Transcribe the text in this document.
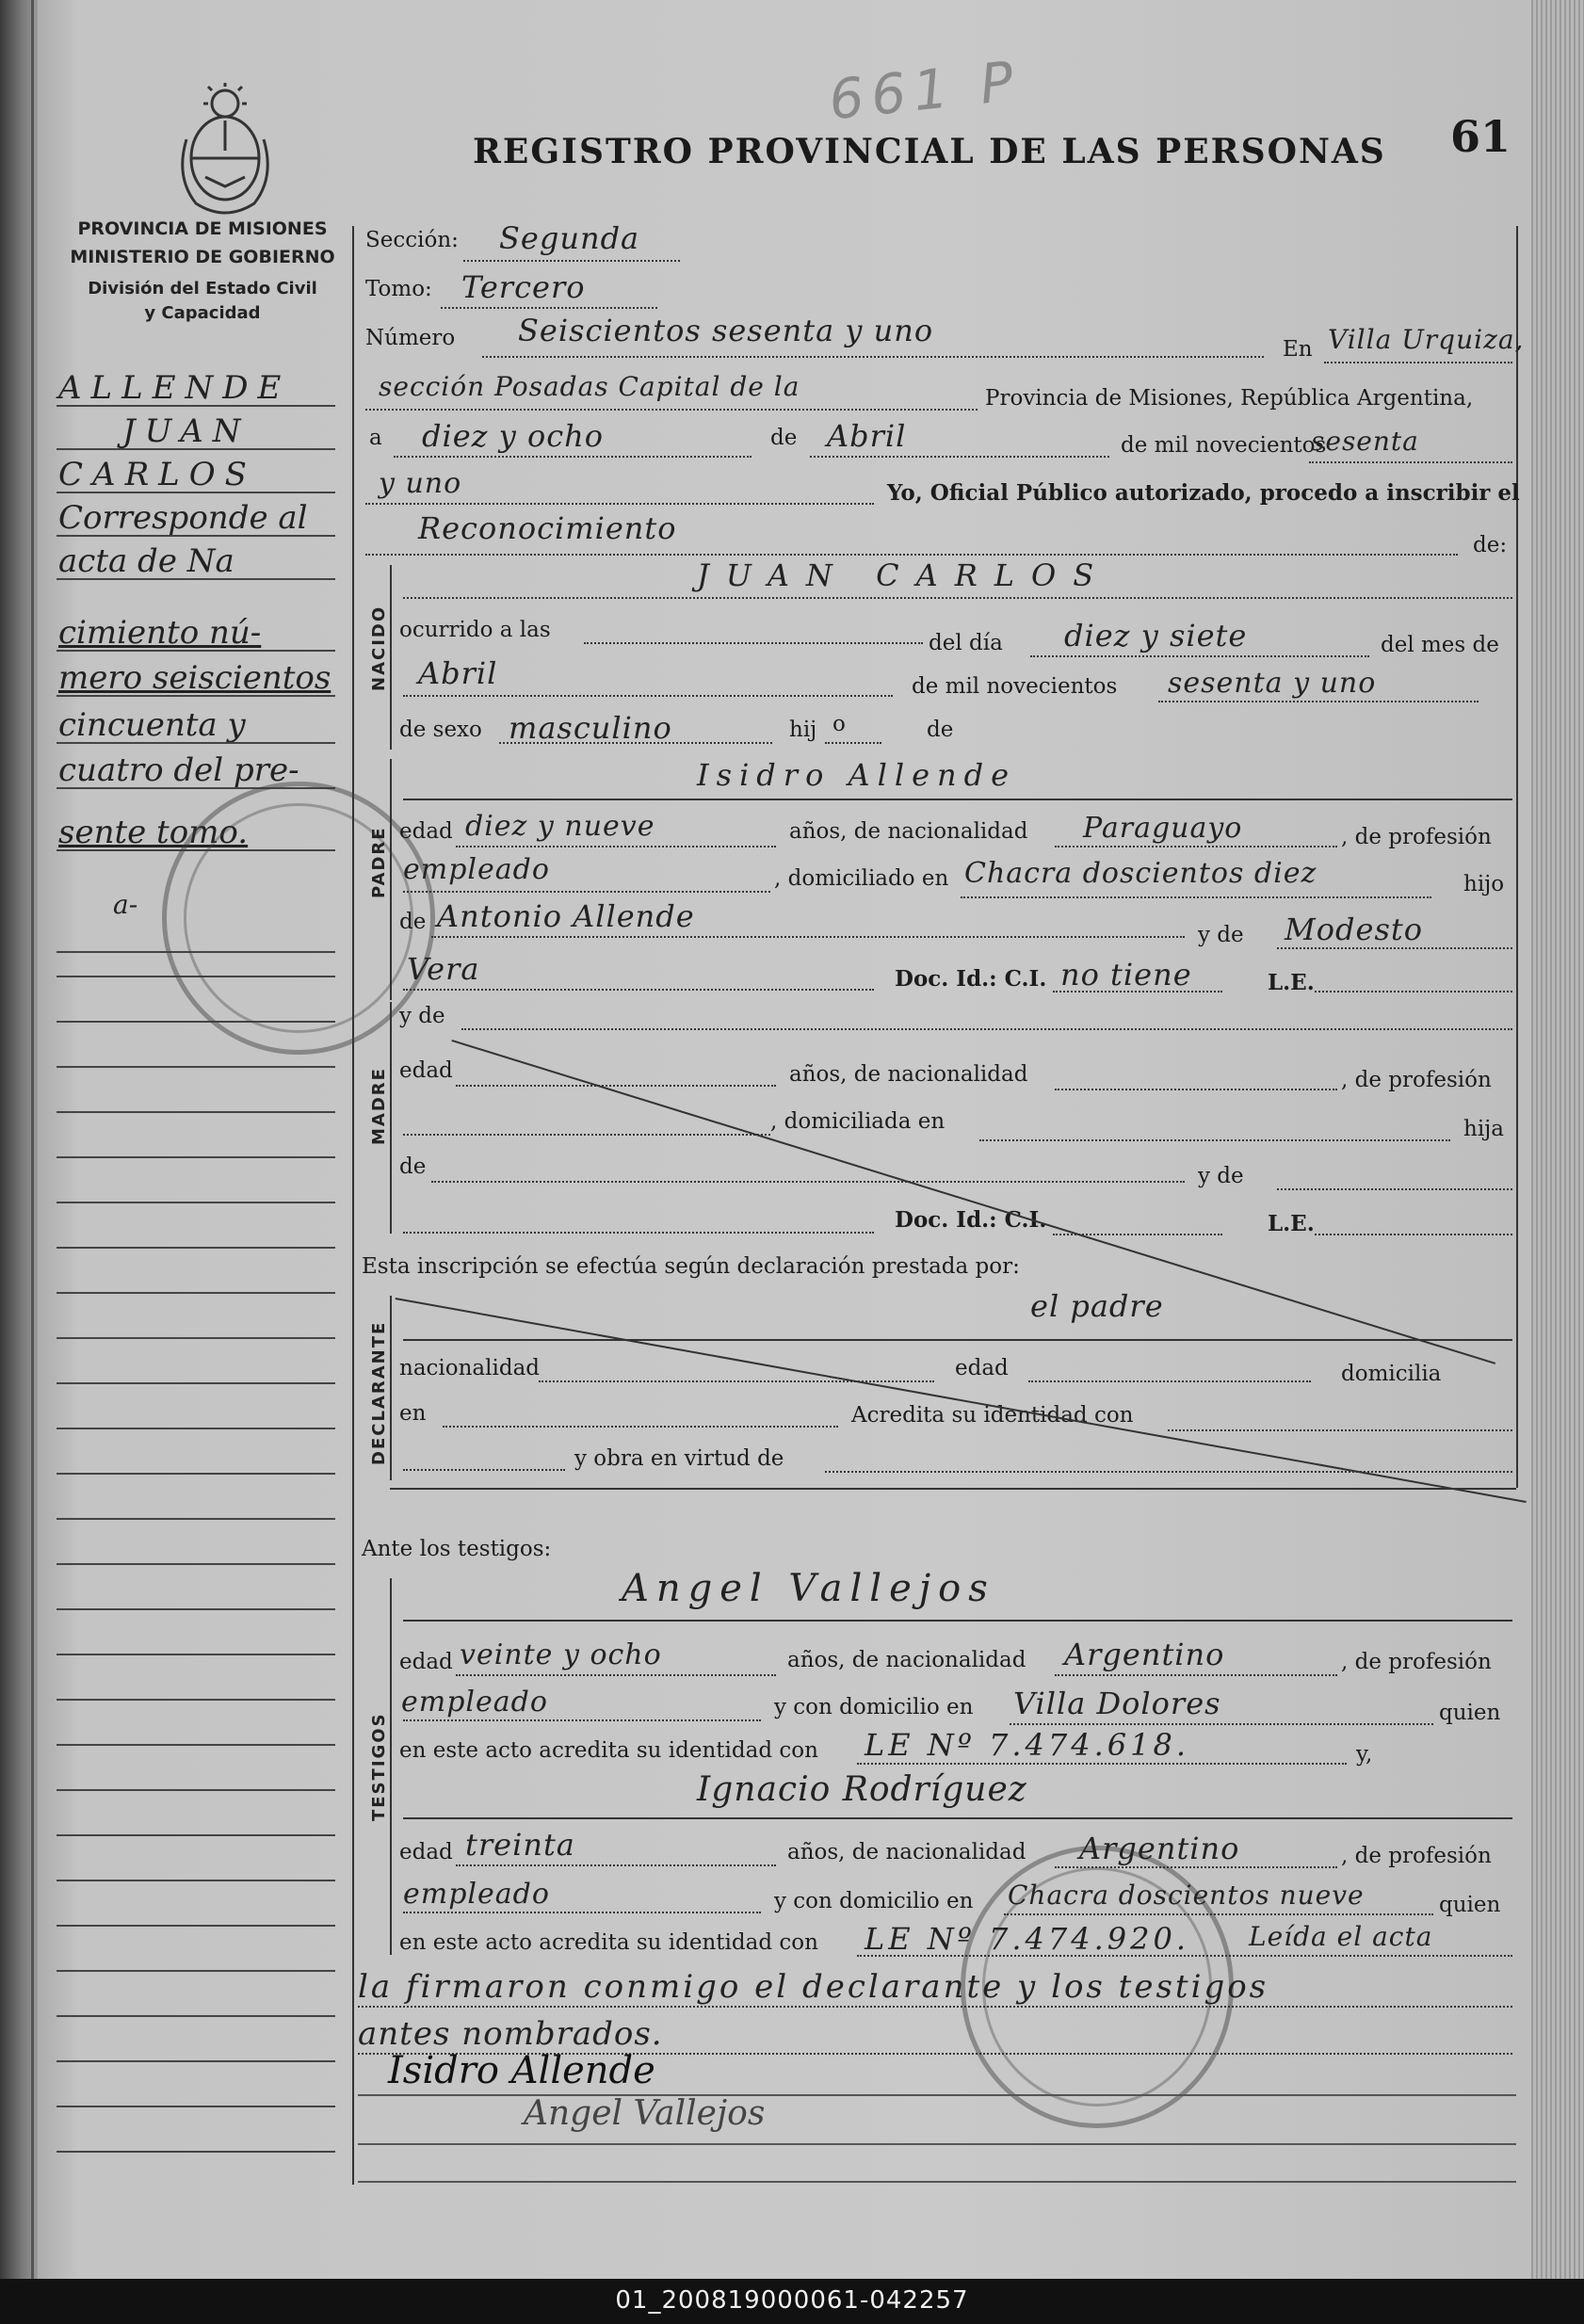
661 P
61
REGISTRO PROVINCIAL DE LAS PERSONAS
PROVINCIA DE MISIONES
MINISTERIO DE GOBIERNO
División del Estado Civil
y Capacidad
ALLENDE
JUAN
CARLOS
Corresponde al
acta de Na
cimiento nú-
mero seiscientos
cincuenta y
cuatro del pre-
sente tomo.
a-
Sección: Segunda
Tomo: Tercero
Número Seiscientos sesenta y uno
En Villa Urquiza,
sección Posadas Capital de la	Provincia de Misiones, República Argentina,
a diez y ocho	de Abril	de mil novecientos
sesenta
y uno	Yo, Oficial Público autorizado, procedo a inscribir el
Reconocimiento	de:
NACIDO
JUAN CARLOS
ocurrido a las
del día diez y siete	del mes de
Abril	de mil novecientos sesenta y uno
de sexo masculino	hij o	de
PADRE
Isidro Allende
edad diez y nueve	años, de nacionalidad Paraguayo	, de profesión
empleado	, domiciliado en Chacra doscientos diez	hijo
de Antonio Allende
y de Modesto
Vera	Doc. Id.: C.I. no tiene	L.E.
MADRE
y de
edad	años, de nacionalidad	, de profesión
, domiciliada en	hija
de	y de
Doc. Id.: C.I.	L.E.
Esta inscripción se efectúa según declaración prestada por:
DECLARANTE
el padre
nacionalidad	edad	domicilia
en	Acredita su identidad con
y obra en virtud de
Ante los testigos:
TESTIGOS
Angel Vallejos
edad veinte y ocho	años, de nacionalidad Argentino	, de profesión
empleado	y con domicilio en Villa Dolores	quien
en este acto acredita su identidad con LE Nº 7.474.618.	y,
Ignacio Rodríguez
edad treinta	años, de nacionalidad Argentino	, de profesión
empleado	y con domicilio en Chacra doscientos nueve	quien
en este acto acredita su identidad con LE Nº 7.474.920. Leída el acta
la firmaron conmigo el declarante y los testigos
antes nombrados.
Isidro Allende
Angel Vallejos
01_200819000061-042257
